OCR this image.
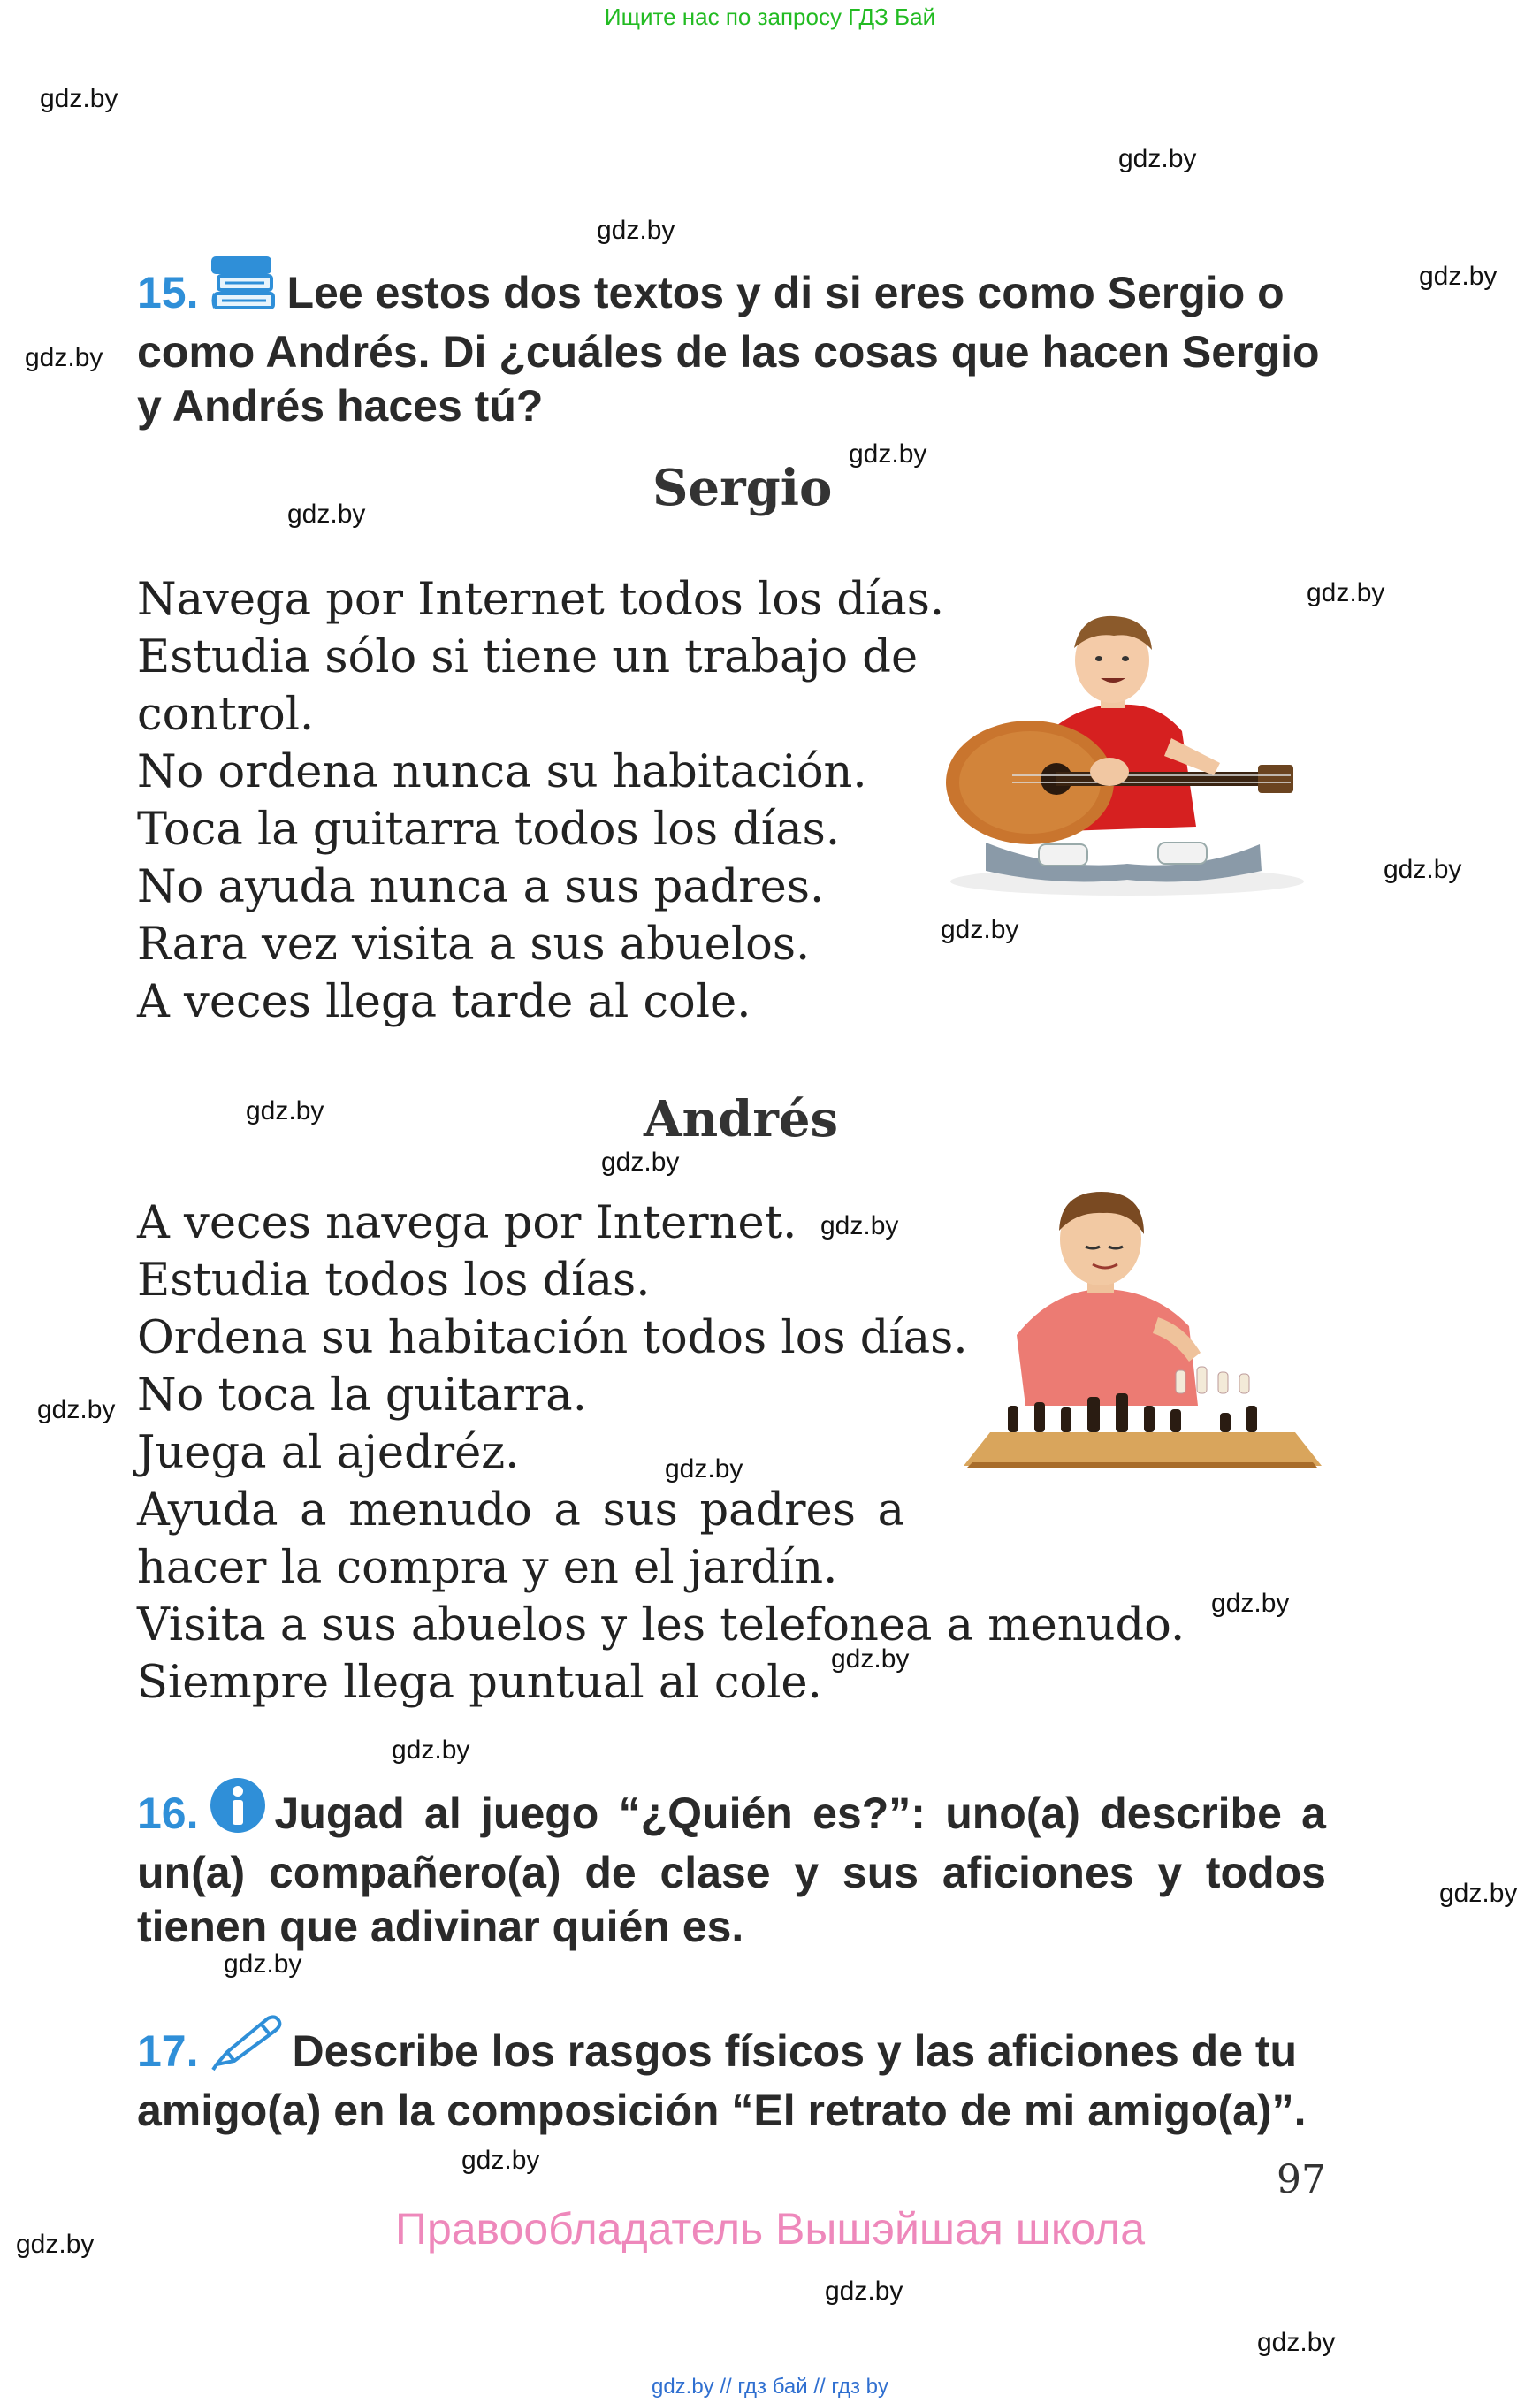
Ищите нас по запросу ГДЗ Бай
gdz.by
gdz.by
gdz.by
gdz.by
gdz.by
gdz.by
gdz.by
gdz.by
gdz.by
gdz.by
gdz.by
gdz.by
gdz.by
gdz.by
gdz.by
gdz.by
gdz.by
gdz.by
gdz.by
gdz.by
gdz.by
gdz.by
gdz.by
gdz.by
15. Lee estos dos textos y di si eres como Sergio o
como Andrés. Di ¿cuáles de las cosas que hacen Sergio
y Andrés haces tú?
Sergio
Navega por Internet todos los días.
Estudia sólo si tiene un trabajo de
control.
No ordena nunca su habitación.
Toca la guitarra todos los días.
No ayuda nunca a sus padres.
Rara vez visita a sus abuelos.
A veces llega tarde al cole.
Andrés
A veces navega por Internet.
Estudia todos los días.
Ordena su habitación todos los días.
No toca la guitarra.
Juega al ajedréz.
Ayuda a menudo a sus padres a
hacer la compra y en el jardín.
Visita a sus abuelos y les telefonea a menudo.
Siempre llega puntual al cole.
16. Jugad al juego “¿Quién es?”: uno(a) describe a
un(a) compañero(a) de clase y sus aficiones y todos
tienen que adivinar quién es.
17. Describe los rasgos físicos y las aficiones de tu
amigo(a) en la composición “El retrato de mi amigo(a)”.
97
Правообладатель Вышэйшая школа
gdz.by // гдз бай // гдз by
